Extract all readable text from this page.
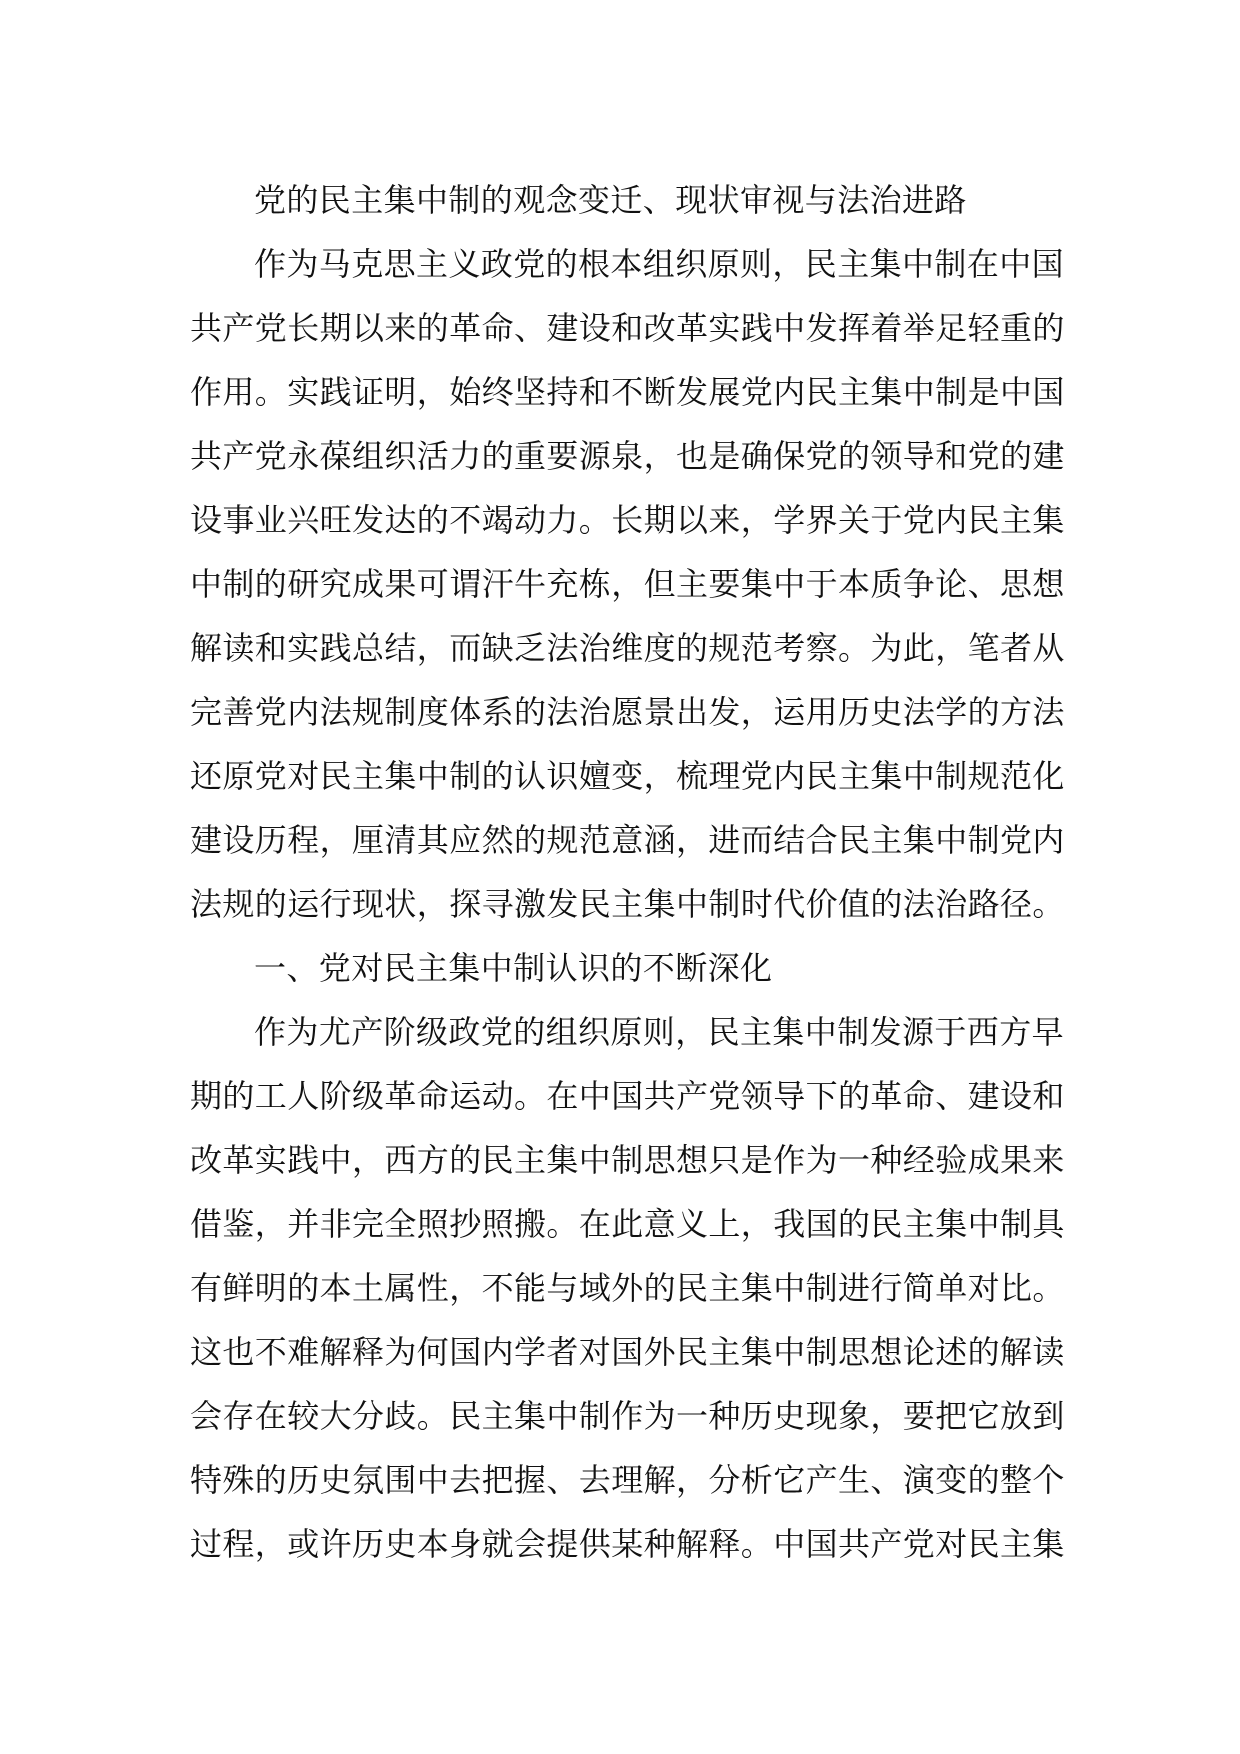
党的民主集中制的观念变迁、现状审视与法治进路
作为马克思主义政党的根本组织原则，民主集中制在中国
共产党长期以来的革命、建设和改革实践中发挥着举足轻重的
作用。实践证明，始终坚持和不断发展党内民主集中制是中国
共产党永葆组织活力的重要源泉，也是确保党的领导和党的建
设事业兴旺发达的不竭动力。长期以来，学界关于党内民主集
中制的研究成果可谓汗牛充栋，但主要集中于本质争论、思想
解读和实践总结，而缺乏法治维度的规范考察。为此，笔者从
完善党内法规制度体系的法治愿景出发，运用历史法学的方法
还原党对民主集中制的认识嬗变，梳理党内民主集中制规范化
建设历程，厘清其应然的规范意涵，进而结合民主集中制党内
法规的运行现状，探寻激发民主集中制时代价值的法治路径。
一、党对民主集中制认识的不断深化
作为尤产阶级政党的组织原则，民主集中制发源于西方早
期的工人阶级革命运动。在中国共产党领导下的革命、建设和
改革实践中，西方的民主集中制思想只是作为一种经验成果来
借鉴，并非完全照抄照搬。在此意义上，我国的民主集中制具
有鲜明的本土属性，不能与域外的民主集中制进行简单对比。
这也不难解释为何国内学者对国外民主集中制思想论述的解读
会存在较大分歧。民主集中制作为一种历史现象，要把它放到
特殊的历史氛围中去把握、去理解，分析它产生、演变的整个
过程，或许历史本身就会提供某种解释。中国共产党对民主集
